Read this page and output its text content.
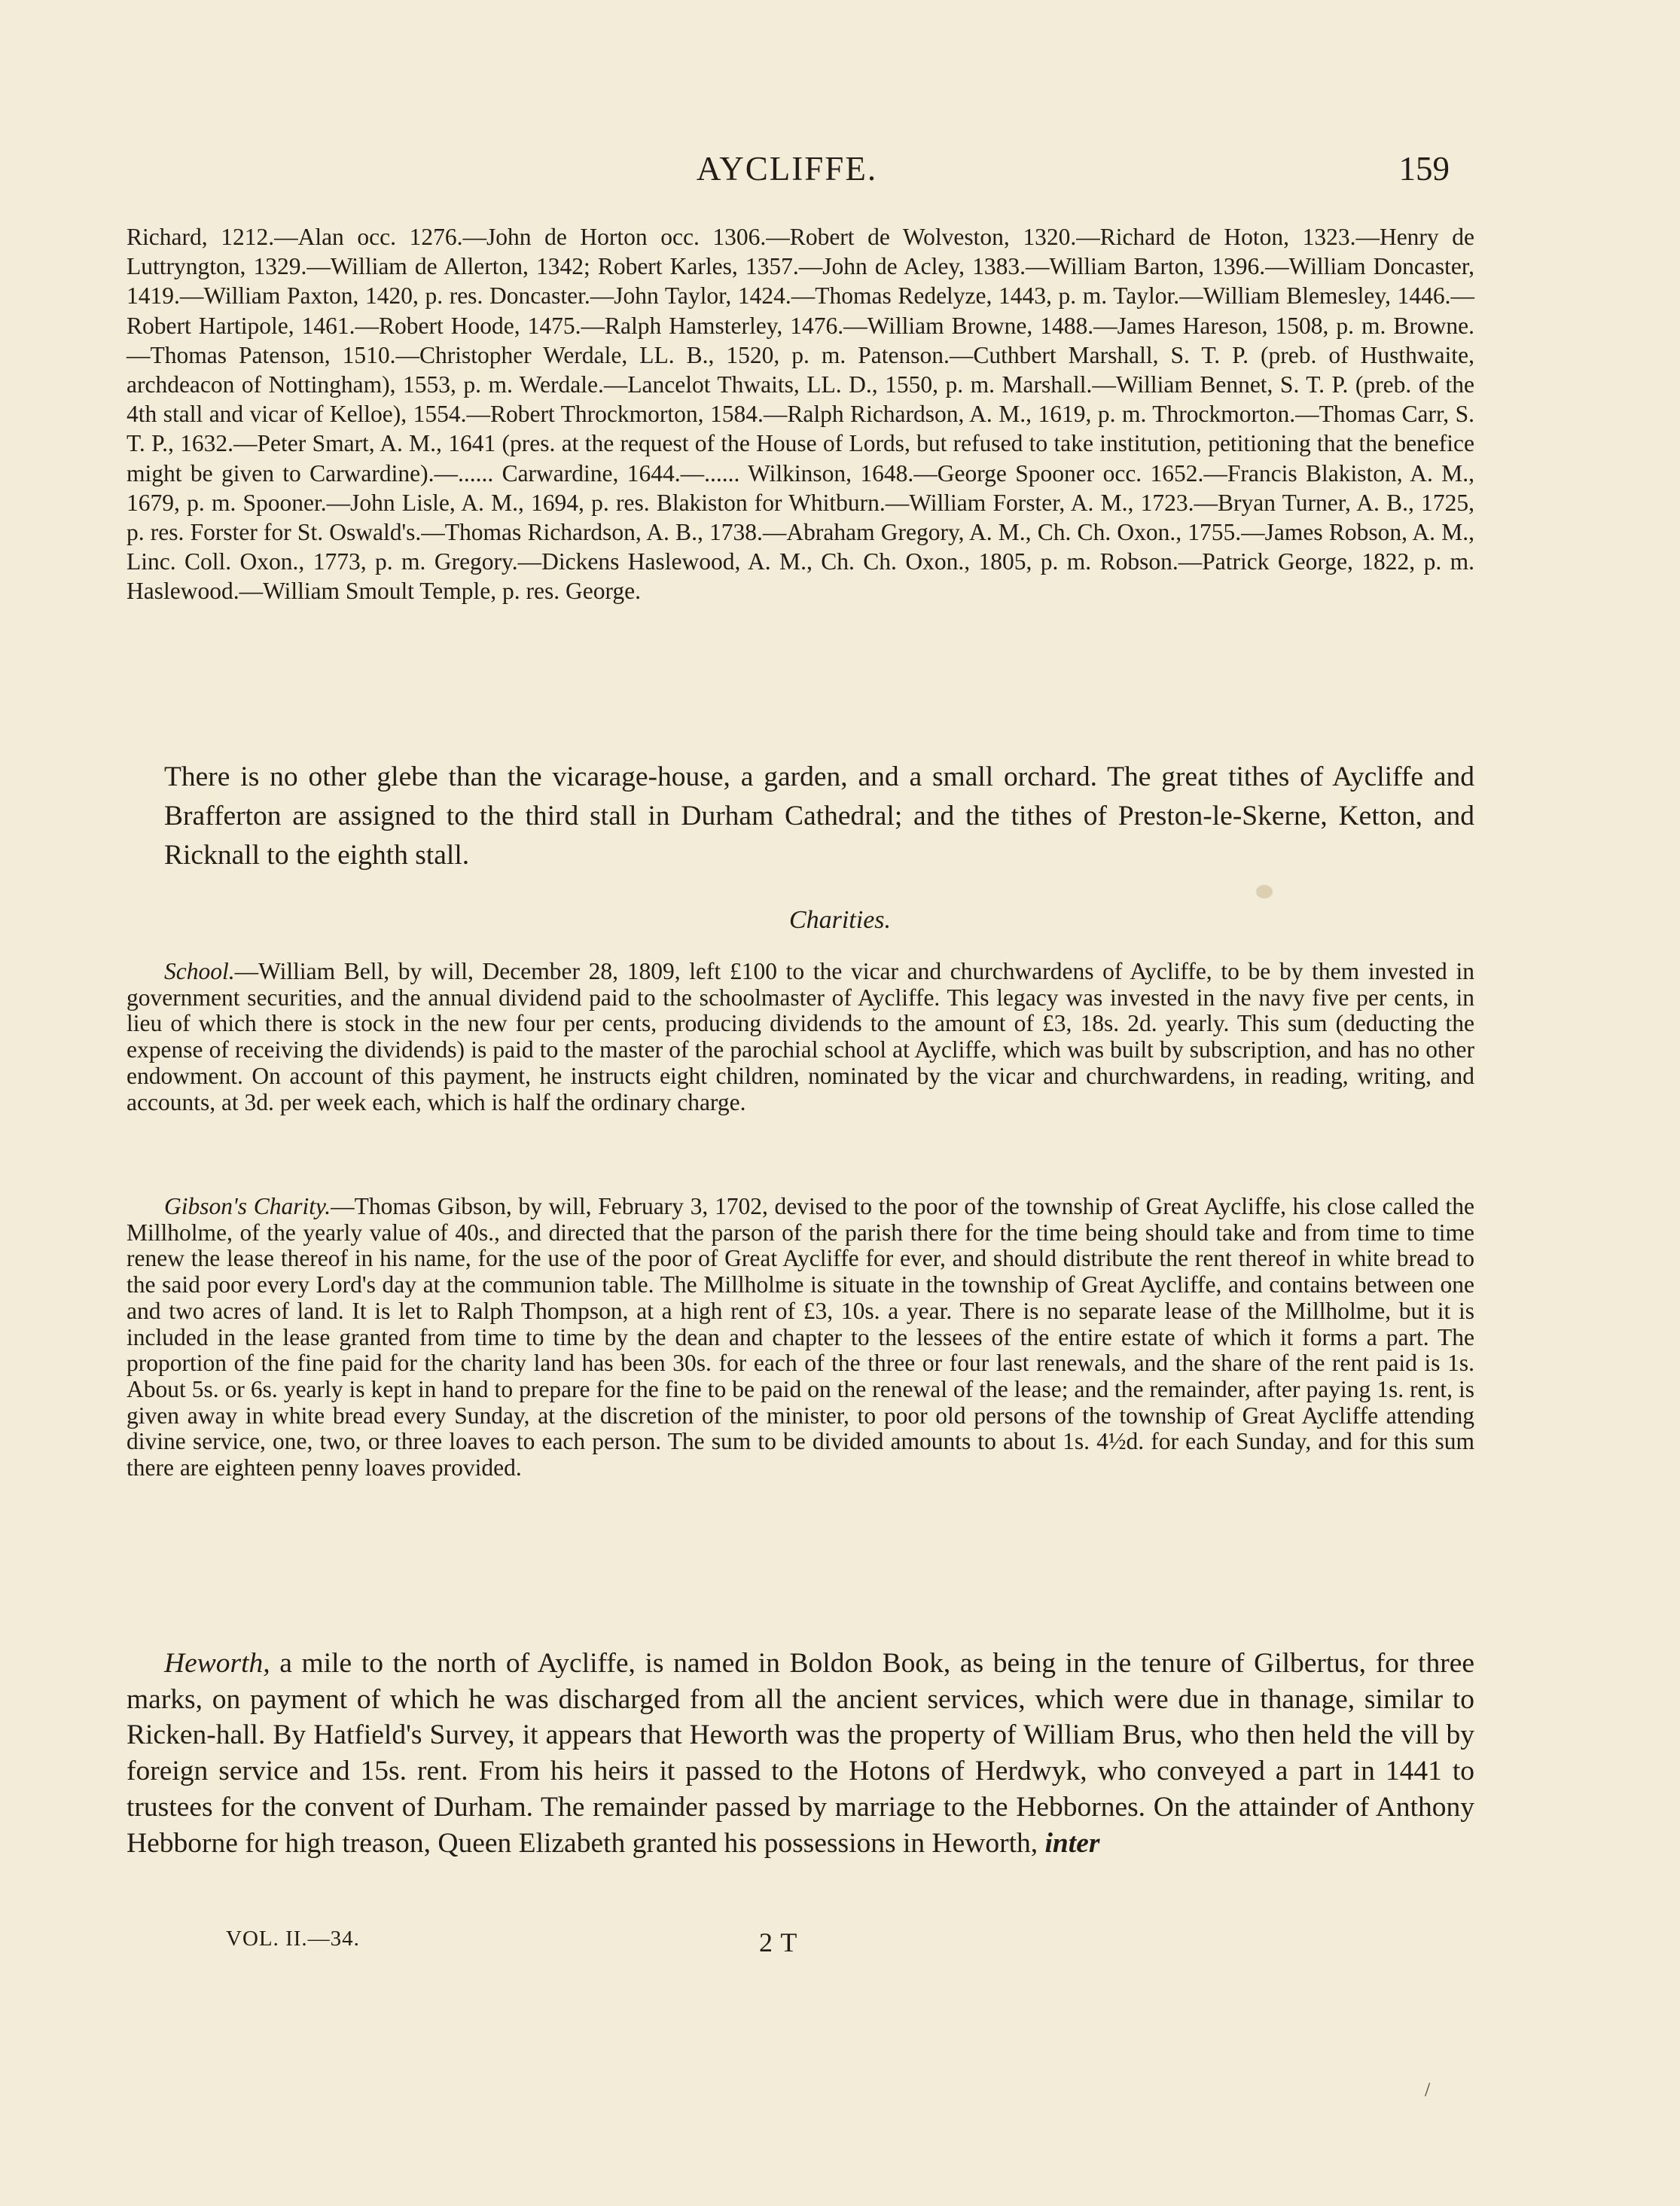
AYCLIFFE.	159

Richard, 1212.—Alan occ. 1276.—John de Horton occ. 1306.—Robert de Wolveston, 1320.—Richard de Hoton, 1323.—Henry de Luttryngton, 1329.—William de Allerton, 1342; Robert Karles, 1357.—John de Acley, 1383.—William Barton, 1396.—William Doncaster, 1419.—William Paxton, 1420, p. res. Doncaster.—John Taylor, 1424.—Thomas Redelyze, 1443, p. m. Taylor.—William Blemesley, 1446.—Robert Hartipole, 1461.—Robert Hoode, 1475.—Ralph Hamsterley, 1476.—William Browne, 1488.—James Hareson, 1508, p. m. Browne.—Thomas Patenson, 1510.—Christopher Werdale, LL. B., 1520, p. m. Patenson.—Cuthbert Marshall, S. T. P. (preb. of Husthwaite, archdeacon of Nottingham), 1553, p. m. Werdale.—Lancelot Thwaits, LL. D., 1550, p. m. Marshall.—William Bennet, S. T. P. (preb. of the 4th stall and vicar of Kelloe), 1554.—Robert Throckmorton, 1584.—Ralph Richardson, A. M., 1619, p. m. Throckmorton.—Thomas Carr, S. T. P., 1632.—Peter Smart, A. M., 1641 (pres. at the request of the House of Lords, but refused to take institution, petitioning that the benefice might be given to Carwardine).—...... Carwardine, 1644.—...... Wilkinson, 1648.—George Spooner occ. 1652.—Francis Blakiston, A. M., 1679, p. m. Spooner.—John Lisle, A. M., 1694, p. res. Blakiston for Whitburn.—William Forster, A. M., 1723.—Bryan Turner, A. B., 1725, p. res. Forster for St. Oswald's.—Thomas Richardson, A. B., 1738.—Abraham Gregory, A. M., Ch. Ch. Oxon., 1755.—James Robson, A. M., Linc. Coll. Oxon., 1773, p. m. Gregory.—Dickens Haslewood, A. M., Ch. Ch. Oxon., 1805, p. m. Robson.—Patrick George, 1822, p. m. Haslewood.—William Smoult Temple, p. res. George.

There is no other glebe than the vicarage-house, a garden, and a small orchard. The great tithes of Aycliffe and Brafferton are assigned to the third stall in Durham Cathedral; and the tithes of Preston-le-Skerne, Ketton, and Ricknall to the eighth stall.

Charities.

School.—William Bell, by will, December 28, 1809, left £100 to the vicar and churchwardens of Aycliffe, to be by them invested in government securities, and the annual dividend paid to the schoolmaster of Aycliffe. This legacy was invested in the navy five per cents, in lieu of which there is stock in the new four per cents, producing dividends to the amount of £3, 18s. 2d. yearly. This sum (deducting the expense of receiving the dividends) is paid to the master of the parochial school at Aycliffe, which was built by subscription, and has no other endowment. On account of this payment, he instructs eight children, nominated by the vicar and churchwardens, in reading, writing, and accounts, at 3d. per week each, which is half the ordinary charge.

Gibson's Charity.—Thomas Gibson, by will, February 3, 1702, devised to the poor of the township of Great Aycliffe, his close called the Millholme, of the yearly value of 40s., and directed that the parson of the parish there for the time being should take and from time to time renew the lease thereof in his name, for the use of the poor of Great Aycliffe for ever, and should distribute the rent thereof in white bread to the said poor every Lord's day at the communion table. The Millholme is situate in the township of Great Aycliffe, and contains between one and two acres of land. It is let to Ralph Thompson, at a high rent of £3, 10s. a year. There is no separate lease of the Millholme, but it is included in the lease granted from time to time by the dean and chapter to the lessees of the entire estate of which it forms a part. The proportion of the fine paid for the charity land has been 30s. for each of the three or four last renewals, and the share of the rent paid is 1s. About 5s. or 6s. yearly is kept in hand to prepare for the fine to be paid on the renewal of the lease; and the remainder, after paying 1s. rent, is given away in white bread every Sunday, at the discretion of the minister, to poor old persons of the township of Great Aycliffe attending divine service, one, two, or three loaves to each person. The sum to be divided amounts to about 1s. 4½d. for each Sunday, and for this sum there are eighteen penny loaves provided.

Heworth, a mile to the north of Aycliffe, is named in Boldon Book, as being in the tenure of Gilbertus, for three marks, on payment of which he was discharged from all the ancient services, which were due in thanage, similar to Ricken-hall. By Hatfield's Survey, it appears that Heworth was the property of William Brus, who then held the vill by foreign service and 15s. rent. From his heirs it passed to the Hotons of Herdwyk, who conveyed a part in 1441 to trustees for the convent of Durham. The remainder passed by marriage to the Hebbornes. On the attainder of Anthony Hebborne for high treason, Queen Elizabeth granted his possessions in Heworth, inter

VOL. II.—34.	2 T
/
